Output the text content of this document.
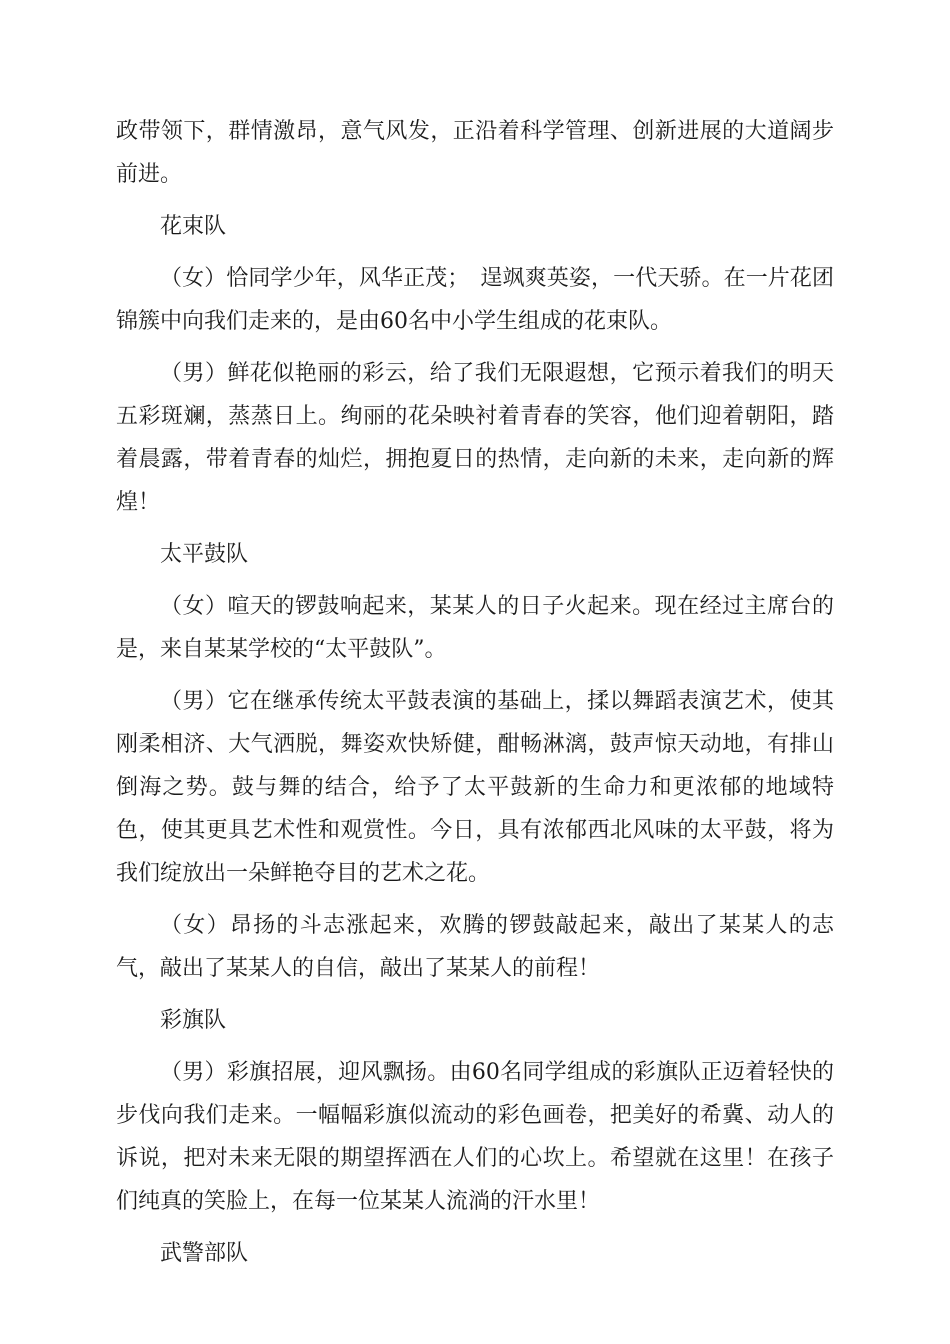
政带领下，群情激昂，意气风发，正沿着科学管理、创新进展的大道阔步前进。

花束队

（女）恰同学少年，风华正茂；　逞飒爽英姿，一代天骄。在一片花团锦簇中向我们走来的，是由60名中小学生组成的花束队。

（男）鲜花似艳丽的彩云，给了我们无限遐想，它预示着我们的明天五彩斑斓，蒸蒸日上。绚丽的花朵映衬着青春的笑容，他们迎着朝阳，踏着晨露，带着青春的灿烂，拥抱夏日的热情，走向新的未来，走向新的辉煌！

太平鼓队

（女）喧天的锣鼓响起来，某某人的日子火起来。现在经过主席台的是，来自某某学校的“太平鼓队”。

（男）它在继承传统太平鼓表演的基础上，揉以舞蹈表演艺术，使其刚柔相济、大气洒脱，舞姿欢快矫健，酣畅淋漓，鼓声惊天动地，有排山倒海之势。鼓与舞的结合，给予了太平鼓新的生命力和更浓郁的地域特色，使其更具艺术性和观赏性。今日，具有浓郁西北风味的太平鼓，将为我们绽放出一朵鲜艳夺目的艺术之花。

（女）昂扬的斗志涨起来，欢腾的锣鼓敲起来，敲出了某某人的志气，敲出了某某人的自信，敲出了某某人的前程！

彩旗队

（男）彩旗招展，迎风飘扬。由60名同学组成的彩旗队正迈着轻快的步伐向我们走来。一幅幅彩旗似流动的彩色画卷，把美好的希冀、动人的诉说，把对未来无限的期望挥洒在人们的心坎上。希望就在这里！在孩子们纯真的笑脸上，在每一位某某人流淌的汗水里！

武警部队
